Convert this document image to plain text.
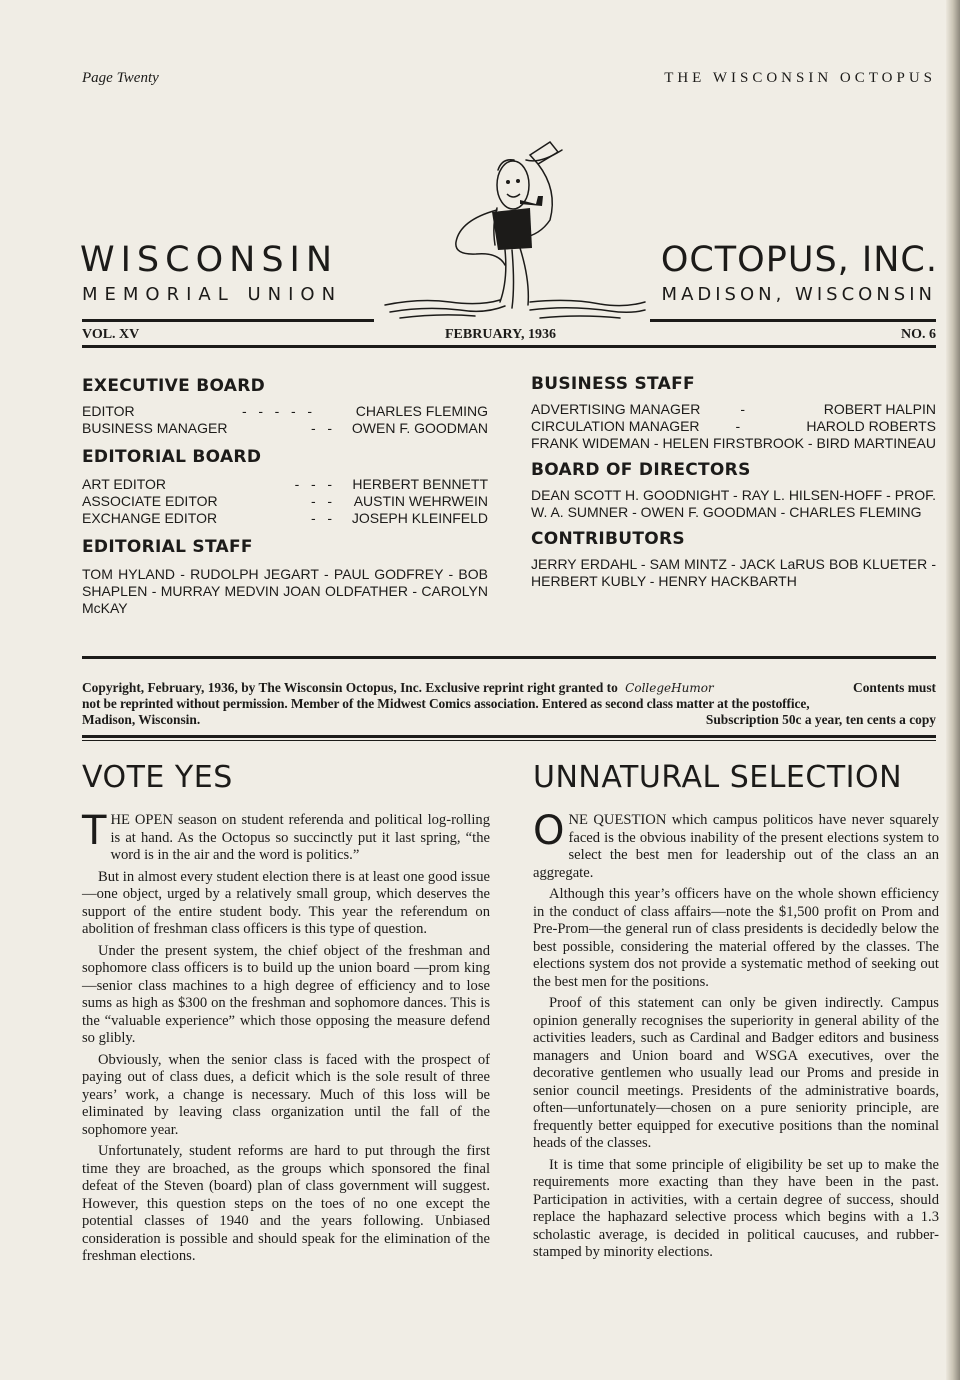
Page Twenty	THE WISCONSIN OCTOPUS
WISCONSIN
MEMORIAL UNION
OCTOPUS, INC.
MADISON, WISCONSIN
VOL. XV	FEBRUARY, 1936	NO. 6
EXECUTIVE BOARD
EDITOR	-   -   -   -   -	CHARLES FLEMING
BUSINESS MANAGER	-   -	OWEN F. GOODMAN
EDITORIAL BOARD
ART EDITOR	-   -   -	HERBERT BENNETT
ASSOCIATE EDITOR	-   -	AUSTIN WEHRWEIN
EXCHANGE EDITOR	-   -	JOSEPH KLEINFELD
EDITORIAL STAFF
TOM HYLAND - RUDOLPH JEGART - PAUL GODFREY - BOB SHAPLEN - MURRAY MEDVIN JOAN OLDFATHER - CAROLYN McKAY
BUSINESS STAFF
ADVERTISING MANAGER	-	ROBERT HALPIN
CIRCULATION MANAGER	-	HAROLD ROBERTS
FRANK WIDEMAN - HELEN FIRSTBROOK - BIRD MARTINEAU
BOARD OF DIRECTORS
DEAN SCOTT H. GOODNIGHT - RAY L. HILSEN-HOFF - PROF. W. A. SUMNER - OWEN F. GOODMAN - CHARLES FLEMING
CONTRIBUTORS
JERRY ERDAHL - SAM MINTZ - JACK LaRUS BOB KLUETER - HERBERT KUBLY - HENRY HACKBARTH
Copyright, February, 1936, by The Wisconsin Octopus, Inc. Exclusive reprint right granted to CollegeHumor	Contents must
not be reprinted without permission. Member of the Midwest Comics association. Entered as second class matter at the postoffice,
Madison, Wisconsin.	Subscription 50c a year, ten cents a copy
VOTE YES

THE OPEN season on student referenda and political log-rolling is at hand. As the Octopus so succinctly put it last spring, “the word is in the air and the word is politics.”

But in almost every student election there is at least one good issue—one object, urged by a relatively small group, which deserves the support of the entire student body. This year the referendum on abolition of freshman class officers is this type of question.

Under the present system, the chief object of the freshman and sophomore class officers is to build up the union board —prom king—senior class machines to a high degree of efficiency and to lose sums as high as $300 on the freshman and sophomore dances. This is the “valuable experience” which those opposing the measure defend so glibly.

Obviously, when the senior class is faced with the prospect of paying out of class dues, a deficit which is the sole result of three years’ work, a change is necessary. Much of this loss will be eliminated by leaving class organization until the fall of the sophomore year.

Unfortunately, student reforms are hard to put through the first time they are broached, as the groups which sponsored the final defeat of the Steven (board) plan of class government will suggest. However, this question steps on the toes of no one except the potential classes of 1940 and the years following. Unbiased consideration is possible and should speak for the elimination of the freshman elections.

UNNATURAL SELECTION

ONE QUESTION which campus politicos have never squarely faced is the obvious inability of the present elections system to select the best men for leadership out of the class an an aggregate.

Although this year’s officers have on the whole shown efficiency in the conduct of class affairs—note the $1,500 profit on Prom and Pre-Prom—the general run of class presidents is decidedly below the best possible, considering the material offered by the classes. The elections system dos not provide a systematic method of seeking out the best men for the positions.

Proof of this statement can only be given indirectly. Campus opinion generally recognises the superiority in general ability of the activities leaders, such as Cardinal and Badger editors and business managers and Union board and WSGA executives, over the decorative gentlemen who usually lead our Proms and preside in senior council meetings. Presidents of the administrative boards, often—unfortunately—chosen on a pure seniority principle, are frequently better equipped for executive positions than the nominal heads of the classes.

It is time that some principle of eligibility be set up to make the requirements more exacting than they have been in the past. Participation in activities, with a certain degree of success, should replace the haphazard selective process which begins with a 1.3 scholastic average, is decided in political caucuses, and rubber-stamped by minority elections.
